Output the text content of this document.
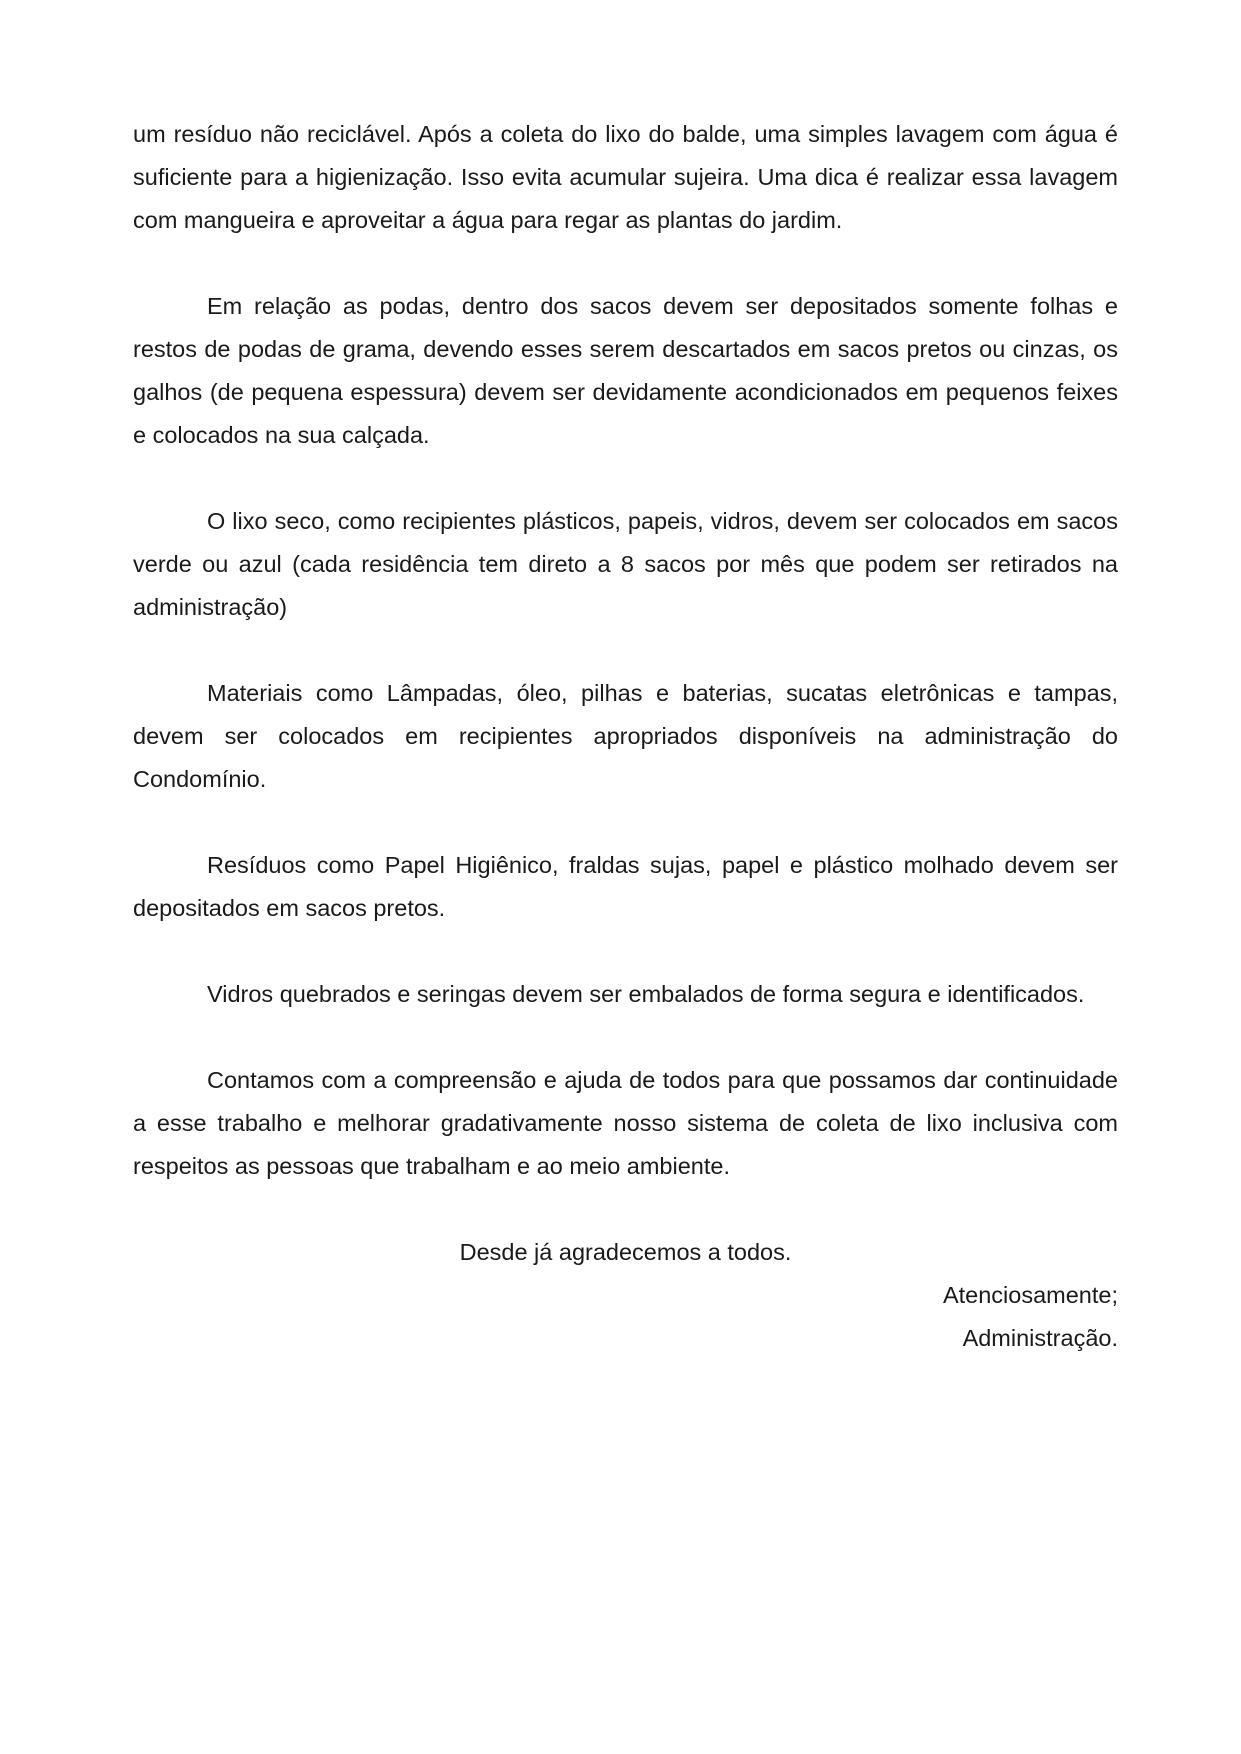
um resíduo não reciclável. Após a coleta do lixo do balde, uma simples lavagem com água é suficiente para a higienização. Isso evita acumular sujeira. Uma dica é realizar essa lavagem com mangueira e aproveitar a água para regar as plantas do jardim.

Em relação as podas, dentro dos sacos devem ser depositados somente folhas e restos de podas de grama, devendo esses serem descartados em sacos pretos ou cinzas, os galhos (de pequena espessura) devem ser devidamente acondicionados em pequenos feixes e colocados na sua calçada.

O lixo seco, como recipientes plásticos, papeis, vidros, devem ser colocados em sacos verde ou azul (cada residência tem direto a 8 sacos por mês que podem ser retirados na administração)

Materiais como Lâmpadas, óleo, pilhas e baterias, sucatas eletrônicas e tampas, devem ser colocados em recipientes apropriados disponíveis na administração do Condomínio.

Resíduos como Papel Higiênico, fraldas sujas, papel e plástico molhado devem ser depositados em sacos pretos.

Vidros quebrados e seringas devem ser embalados de forma segura e identificados.

Contamos com a compreensão e ajuda de todos para que possamos dar continuidade a esse trabalho e melhorar gradativamente nosso sistema de coleta de lixo inclusiva com respeitos as pessoas que trabalham e ao meio ambiente.

Desde já agradecemos a todos.

Atenciosamente;

Administração.
